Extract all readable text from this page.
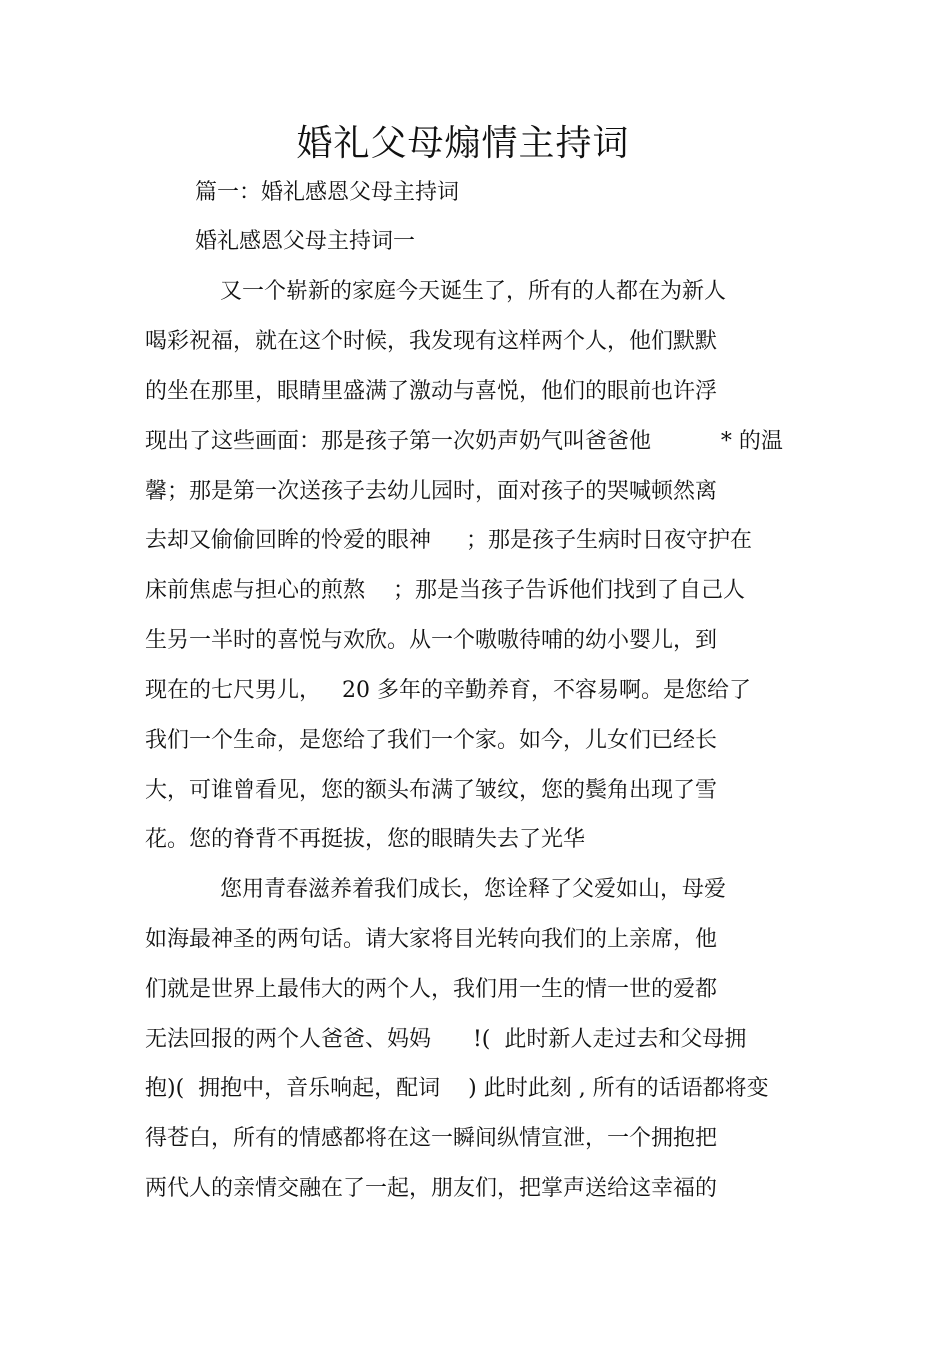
婚礼父母煽情主持词
篇一：婚礼感恩父母主持词
婚礼感恩父母主持词一
又一个崭新的家庭今天诞生了，所有的人都在为新人
喝彩祝福，就在这个时候，我发现有这样两个人，他们默默
的坐在那里，眼睛里盛满了激动与喜悦，他们的眼前也许浮
现出了这些画面：那是孩子第一次奶声奶气叫爸爸他          * 的温
馨；那是第一次送孩子去幼儿园时，面对孩子的哭喊顿然离
去却又偷偷回眸的怜爱的眼神     ；那是孩子生病时日夜守护在
床前焦虑与担心的煎熬    ；那是当孩子告诉他们找到了自己人
生另一半时的喜悦与欢欣。从一个嗷嗷待哺的幼小婴儿，到
现在的七尺男儿，   20 多年的辛勤养育，不容易啊。是您给了
我们一个生命，是您给了我们一个家。如今，儿女们已经长
大，可谁曾看见，您的额头布满了皱纹，您的鬓角出现了雪
花。您的脊背不再挺拔，您的眼睛失去了光华
您用青春滋养着我们成长，您诠释了父爱如山，母爱
如海最神圣的两句话。请大家将目光转向我们的上亲席，他
们就是世界上最伟大的两个人，我们用一生的情一世的爱都
无法回报的两个人爸爸、妈妈      !(  此时新人走过去和父母拥
抱)(  拥抱中，音乐响起，配词    ) 此时此刻 , 所有的话语都将变
得苍白，所有的情感都将在这一瞬间纵情宣泄，一个拥抱把
两代人的亲情交融在了一起，朋友们，把掌声送给这幸福的
